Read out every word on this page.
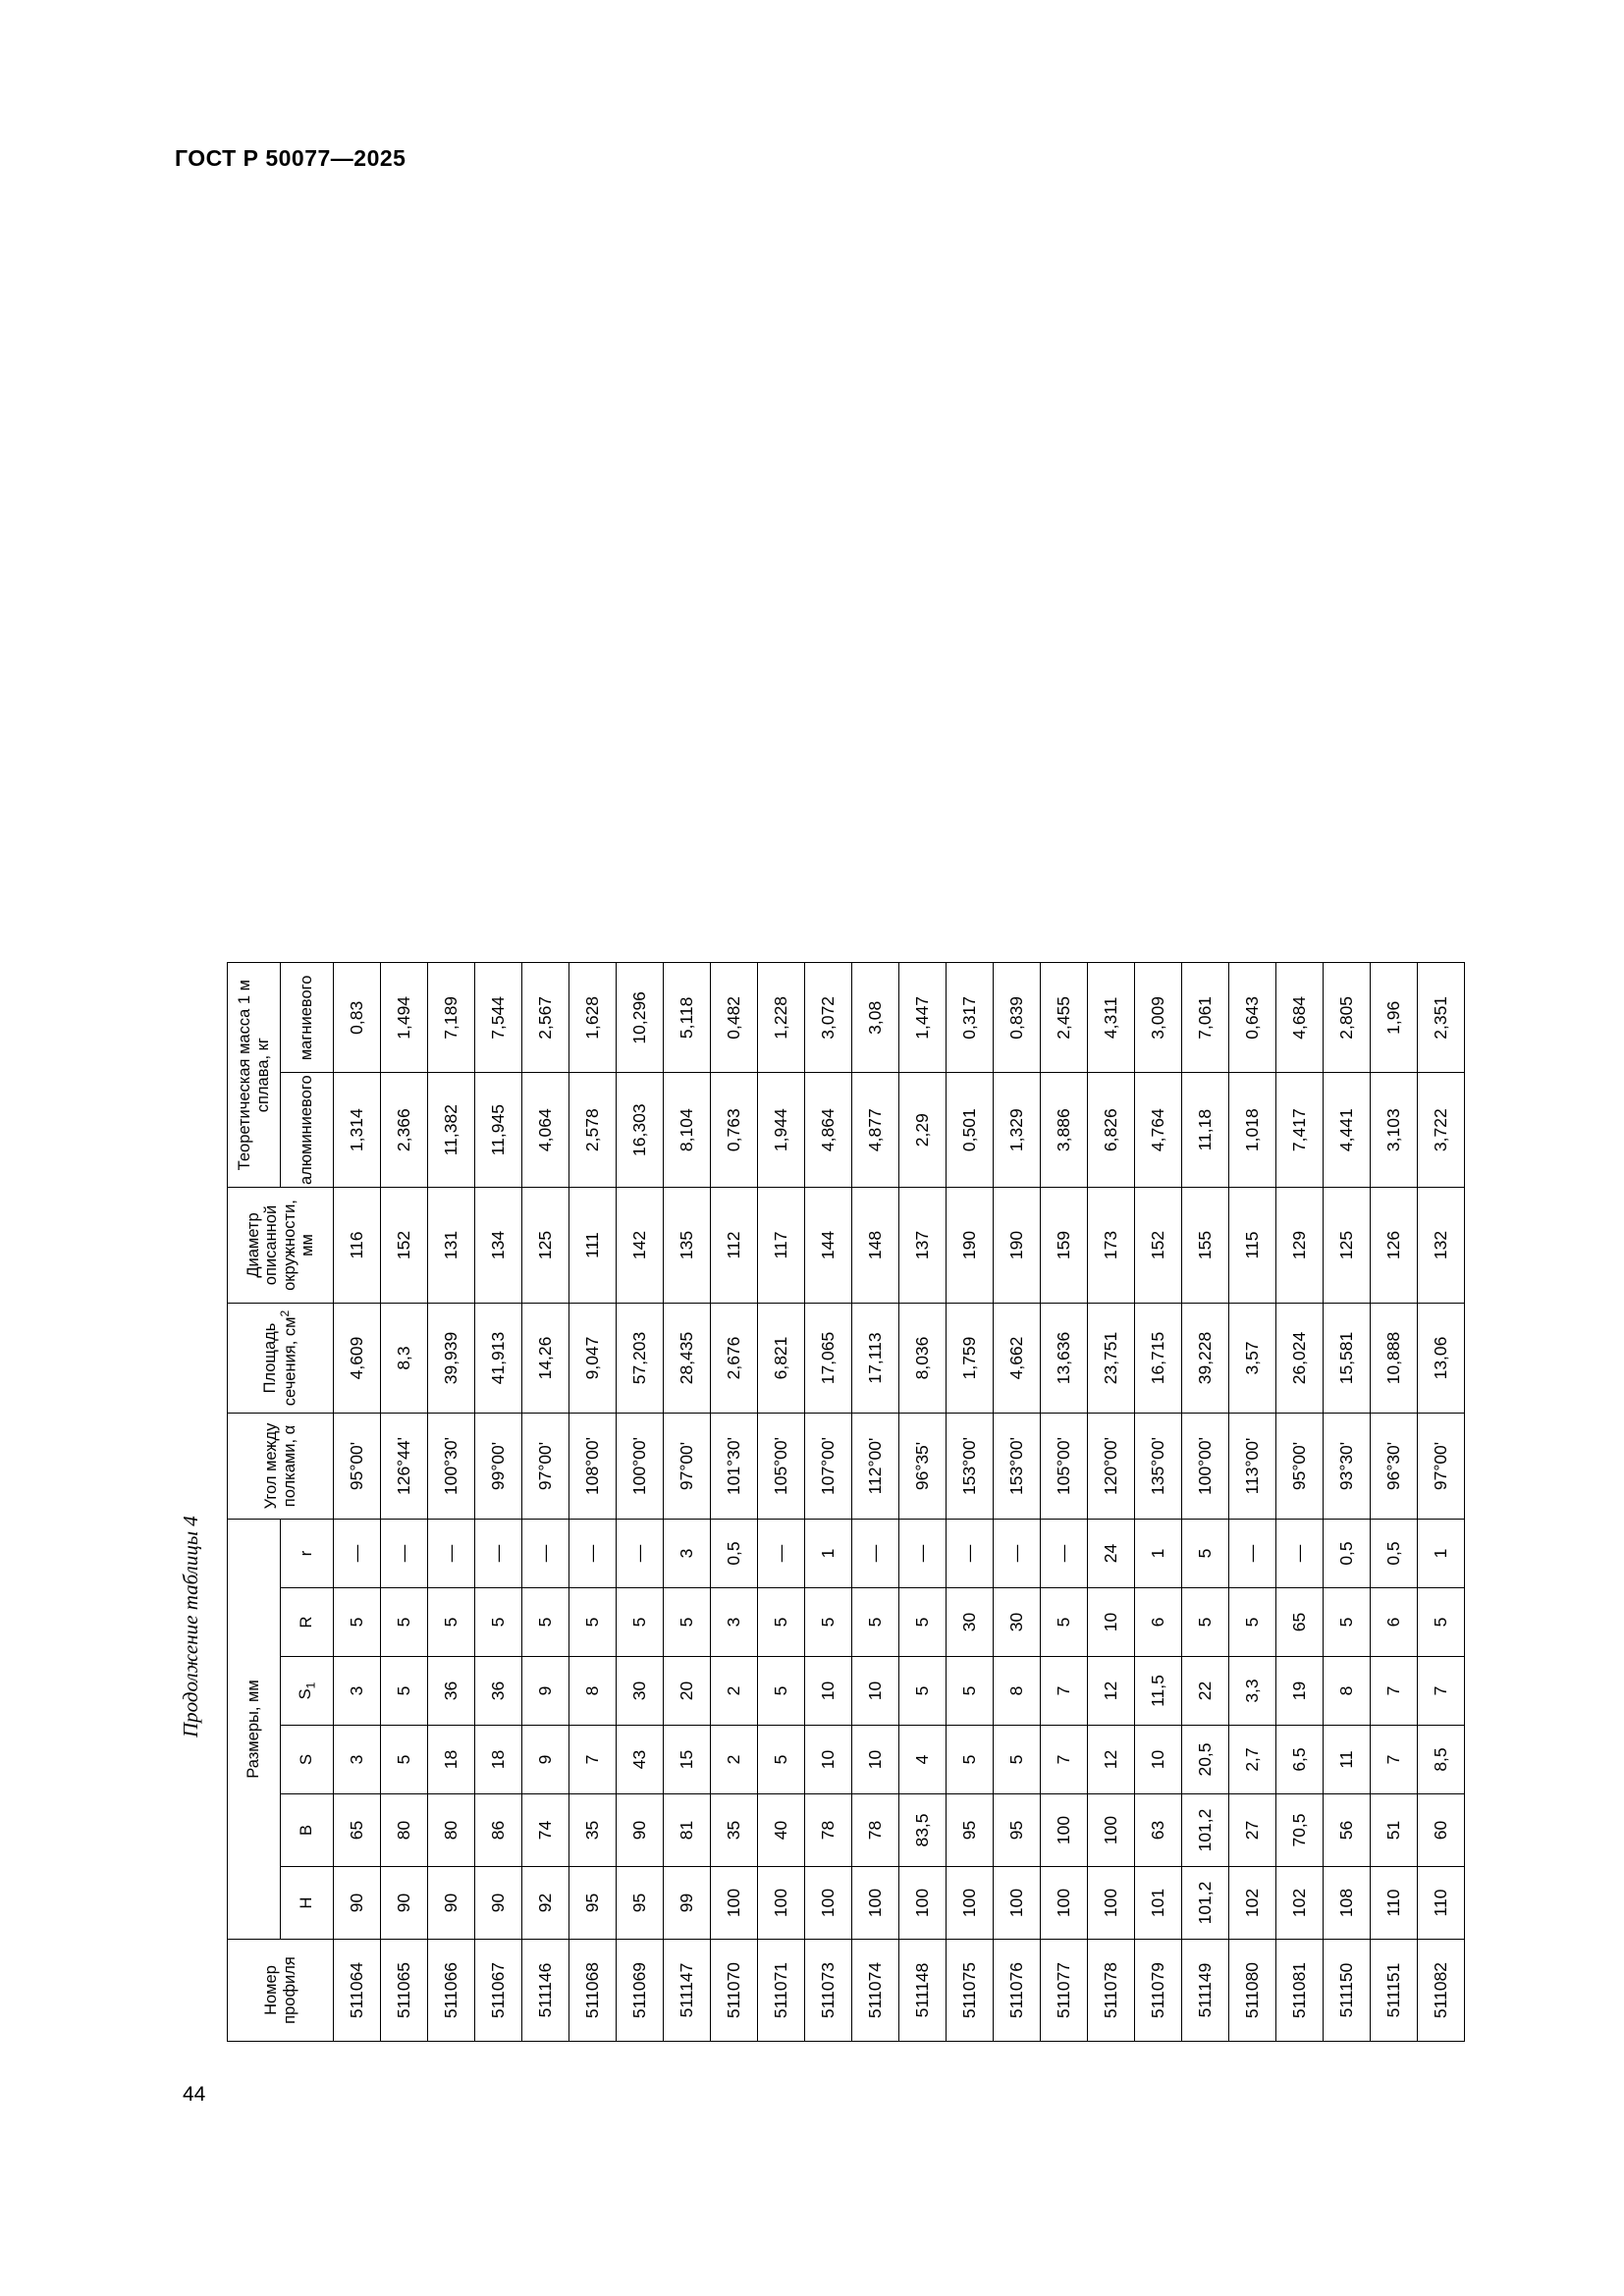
ГОСТ Р 50077—2025
Продолжение таблицы 4
Номер профиля	Размеры, мм						Угол между полками, α	Площадь сечения, $см^2$	Диаметр описанной окружности, мм	Теоретическая масса 1 м сплава, кг	
	H	B	S	$S_1$	R	r				алюминиевого	магниевого
511064	90	65	3	3	5	—	95°00'	4,609	116	1,314	0,83
511065	90	80	5	5	5	—	126°44'	8,3	152	2,366	1,494
511066	90	80	18	36	5	—	100°30'	39,939	131	11,382	7,189
511067	90	86	18	36	5	—	99°00'	41,913	134	11,945	7,544
511146	92	74	9	9	5	—	97°00'	14,26	125	4,064	2,567
511068	95	35	7	8	5	—	108°00'	9,047	111	2,578	1,628
511069	95	90	43	30	5	—	100°00'	57,203	142	16,303	10,296
511147	99	81	15	20	5	3	97°00'	28,435	135	8,104	5,118
511070	100	35	2	2	3	0,5	101°30'	2,676	112	0,763	0,482
511071	100	40	5	5	5	—	105°00'	6,821	117	1,944	1,228
511073	100	78	10	10	5	1	107°00'	17,065	144	4,864	3,072
511074	100	78	10	10	5	—	112°00'	17,113	148	4,877	3,08
511148	100	83,5	4	5	5	—	96°35'	8,036	137	2,29	1,447
511075	100	95	5	5	30	—	153°00'	1,759	190	0,501	0,317
511076	100	95	5	8	30	—	153°00'	4,662	190	1,329	0,839
511077	100	100	7	7	5	—	105°00'	13,636	159	3,886	2,455
511078	100	100	12	12	10	24	120°00'	23,751	173	6,826	4,311
511079	101	63	10	11,5	6	1	135°00'	16,715	152	4,764	3,009
511149	101,2	101,2	20,5	22	5	5	100°00'	39,228	155	11,18	7,061
511080	102	27	2,7	3,3	5	—	113°00'	3,57	115	1,018	0,643
511081	102	70,5	6,5	19	65	—	95°00'	26,024	129	7,417	4,684
511150	108	56	11	8	5	0,5	93°30'	15,581	125	4,441	2,805
511151	110	51	7	7	6	0,5	96°30'	10,888	126	3,103	1,96
511082	110	60	8,5	7	5	1	97°00'	13,06	132	3,722	2,351
44
